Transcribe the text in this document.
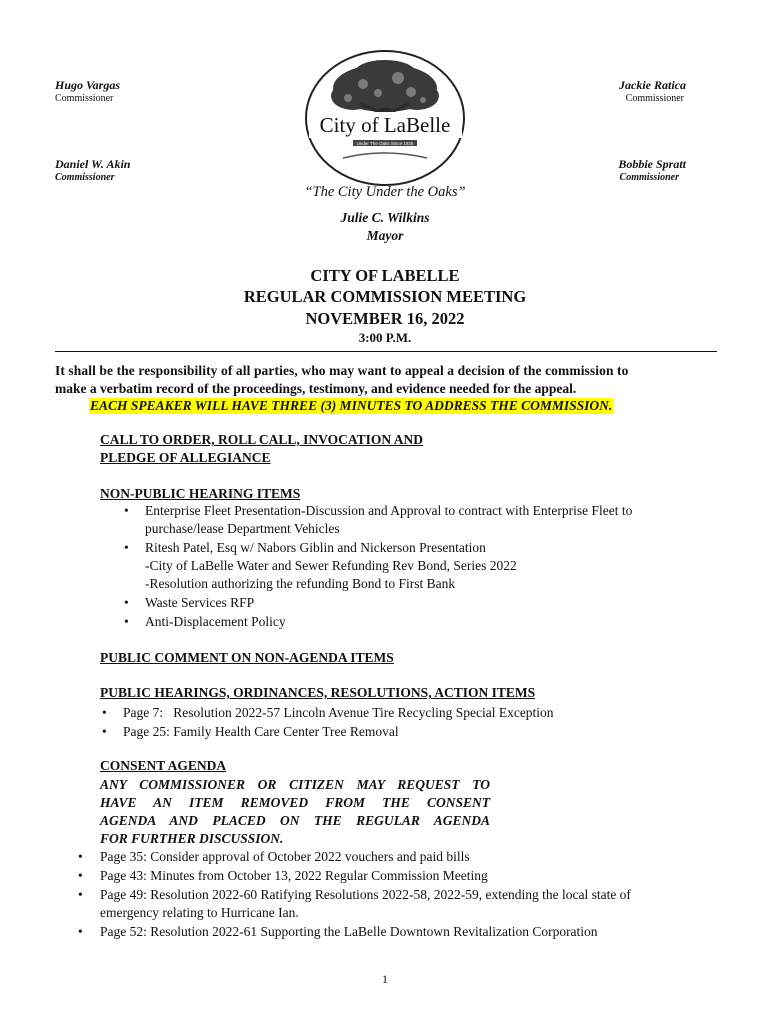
Hugo Vargas
Commissioner
Daniel W. Akin
Commissioner
Jackie Ratica
Commissioner
Bobbie Spratt
Commissioner
City of LaBelle
Under The Oaks Since 1925
“The City Under the Oaks”
Julie C. Wilkins
Mayor
CITY OF LABELLE
REGULAR COMMISSION MEETING
NOVEMBER 16, 2022
3:00 P.M.
It shall be the responsibility of all parties, who may want to appeal a decision of the commission to
make a verbatim record of the proceedings, testimony, and evidence needed for the appeal.
EACH SPEAKER WILL HAVE THREE (3) MINUTES TO ADDRESS THE COMMISSION.
CALL TO ORDER, ROLL CALL, INVOCATION AND
PLEDGE OF ALLEGIANCE
NON-PUBLIC HEARING ITEMS
• Enterprise Fleet Presentation-Discussion and Approval to contract with Enterprise Fleet to
purchase/lease Department Vehicles
• Ritesh Patel, Esq w/ Nabors Giblin and Nickerson Presentation
-City of LaBelle Water and Sewer Refunding Rev Bond, Series 2022
-Resolution authorizing the refunding Bond to First Bank
• Waste Services RFP
• Anti-Displacement Policy
PUBLIC COMMENT ON NON-AGENDA ITEMS
PUBLIC HEARINGS, ORDINANCES, RESOLUTIONS, ACTION ITEMS
• Page 7:   Resolution 2022-57 Lincoln Avenue Tire Recycling Special Exception
• Page 25: Family Health Care Center Tree Removal
CONSENT AGENDA
ANY COMMISSIONER OR CITIZEN MAY REQUEST TO
HAVE AN ITEM REMOVED FROM THE CONSENT
AGENDA AND PLACED ON THE REGULAR AGENDA
FOR FURTHER DISCUSSION.
• Page 35: Consider approval of October 2022 vouchers and paid bills
• Page 43: Minutes from October 13, 2022 Regular Commission Meeting
• Page 49: Resolution 2022-60 Ratifying Resolutions 2022-58, 2022-59, extending the local state of
emergency relating to Hurricane Ian.
• Page 52: Resolution 2022-61 Supporting the LaBelle Downtown Revitalization Corporation
1
